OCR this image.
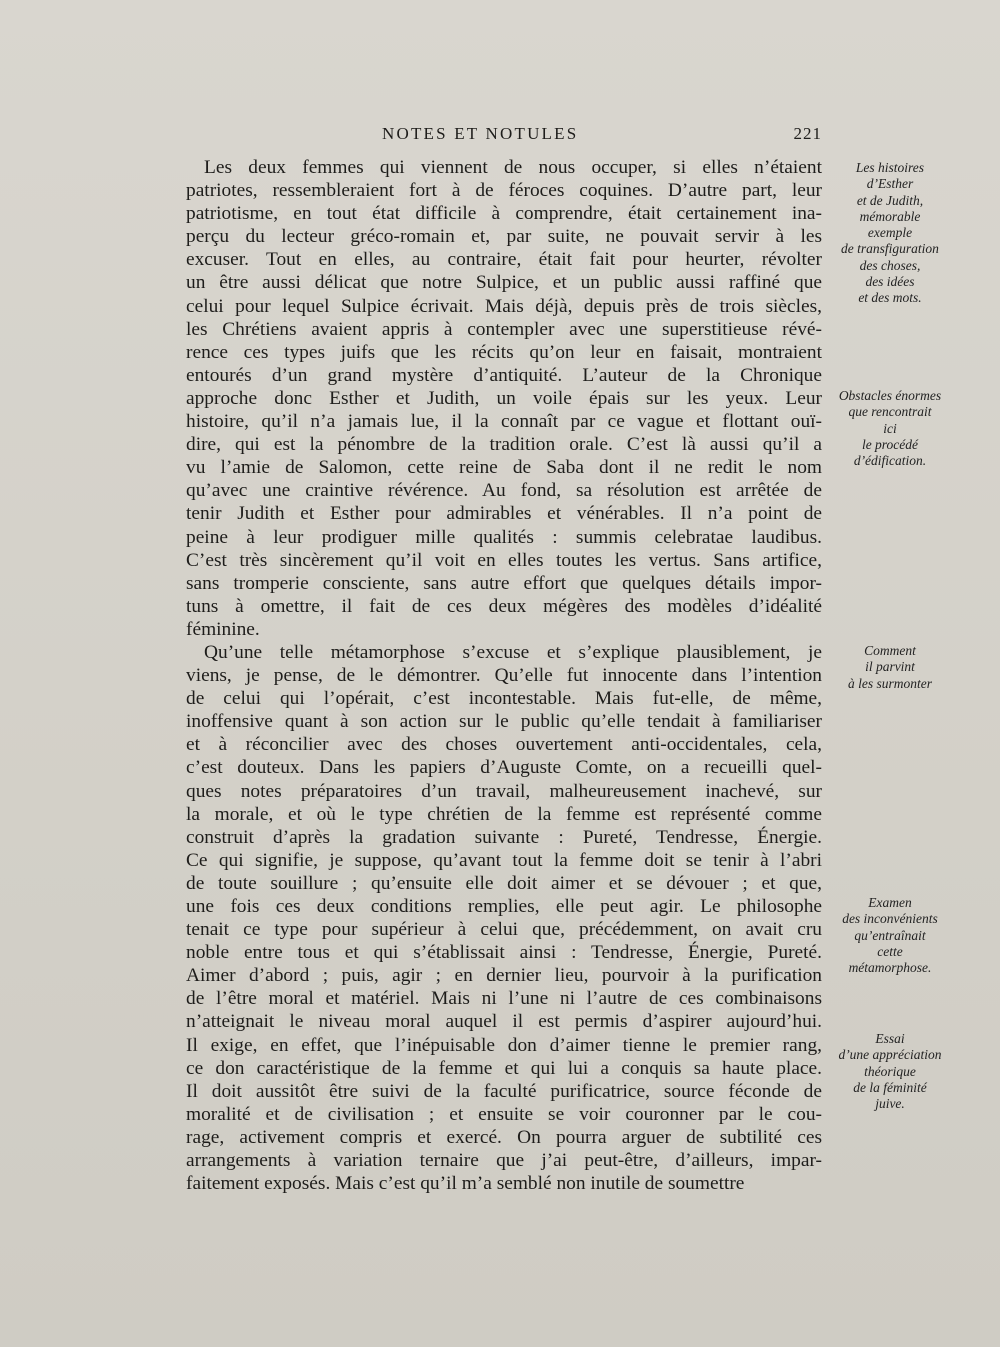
NOTES ET NOTULES	221
Les deux femmes qui viennent de nous occuper, si elles n’étaient
patriotes, ressembleraient fort à de féroces coquines. D’autre part, leur
patriotisme, en tout état difficile à comprendre, était certainement ina-
perçu du lecteur gréco-romain et, par suite, ne pouvait servir à les
excuser. Tout en elles, au contraire, était fait pour heurter, révolter
un être aussi délicat que notre Sulpice, et un public aussi raffiné que
celui pour lequel Sulpice écrivait. Mais déjà, depuis près de trois siècles,
les Chrétiens avaient appris à contempler avec une superstitieuse révé-
rence ces types juifs que les récits qu’on leur en faisait, montraient
entourés d’un grand mystère d’antiquité. L’auteur de la Chronique
approche donc Esther et Judith, un voile épais sur les yeux. Leur
histoire, qu’il n’a jamais lue, il la connaît par ce vague et flottant ouï-
dire, qui est la pénombre de la tradition orale. C’est là aussi qu’il a
vu l’amie de Salomon, cette reine de Saba dont il ne redit le nom
qu’avec une craintive révérence. Au fond, sa résolution est arrêtée de
tenir Judith et Esther pour admirables et vénérables. Il n’a point de
peine à leur prodiguer mille qualités : summis celebratae laudibus.
C’est très sincèrement qu’il voit en elles toutes les vertus. Sans artifice,
sans tromperie consciente, sans autre effort que quelques détails impor-
tuns à omettre, il fait de ces deux mégères des modèles d’idéalité
féminine.
Qu’une telle métamorphose s’excuse et s’explique plausiblement, je
viens, je pense, de le démontrer. Qu’elle fut innocente dans l’intention
de celui qui l’opérait, c’est incontestable. Mais fut-elle, de même,
inoffensive quant à son action sur le public qu’elle tendait à familiariser
et à réconcilier avec des choses ouvertement anti-occidentales, cela,
c’est douteux. Dans les papiers d’Auguste Comte, on a recueilli quel-
ques notes préparatoires d’un travail, malheureusement inachevé, sur
la morale, et où le type chrétien de la femme est représenté comme
construit d’après la gradation suivante : Pureté, Tendresse, Énergie.
Ce qui signifie, je suppose, qu’avant tout la femme doit se tenir à l’abri
de toute souillure ; qu’ensuite elle doit aimer et se dévouer ; et que,
une fois ces deux conditions remplies, elle peut agir. Le philosophe
tenait ce type pour supérieur à celui que, précédemment, on avait cru
noble entre tous et qui s’établissait ainsi : Tendresse, Énergie, Pureté.
Aimer d’abord ; puis, agir ; en dernier lieu, pourvoir à la purification
de l’être moral et matériel. Mais ni l’une ni l’autre de ces combinaisons
n’atteignait le niveau moral auquel il est permis d’aspirer aujourd’hui.
Il exige, en effet, que l’inépuisable don d’aimer tienne le premier rang,
ce don caractéristique de la femme et qui lui a conquis sa haute place.
Il doit aussitôt être suivi de la faculté purificatrice, source féconde de
moralité et de civilisation ; et ensuite se voir couronner par le cou-
rage, activement compris et exercé. On pourra arguer de subtilité ces
arrangements à variation ternaire que j’ai peut-être, d’ailleurs, impar-
faitement exposés. Mais c’est qu’il m’a semblé non inutile de soumettre
Les histoires
d’Esther
et de Judith,
mémorable
exemple
de transfiguration
des choses,
des idées
et des mots.
Obstacles énormes
que rencontrait
ici
le procédé
d’édification.
Comment
il parvint
à les surmonter
Examen
des inconvénients
qu’entraînait
cette
métamorphose.
Essai
d’une appréciation
théorique
de la féminité
juive.
